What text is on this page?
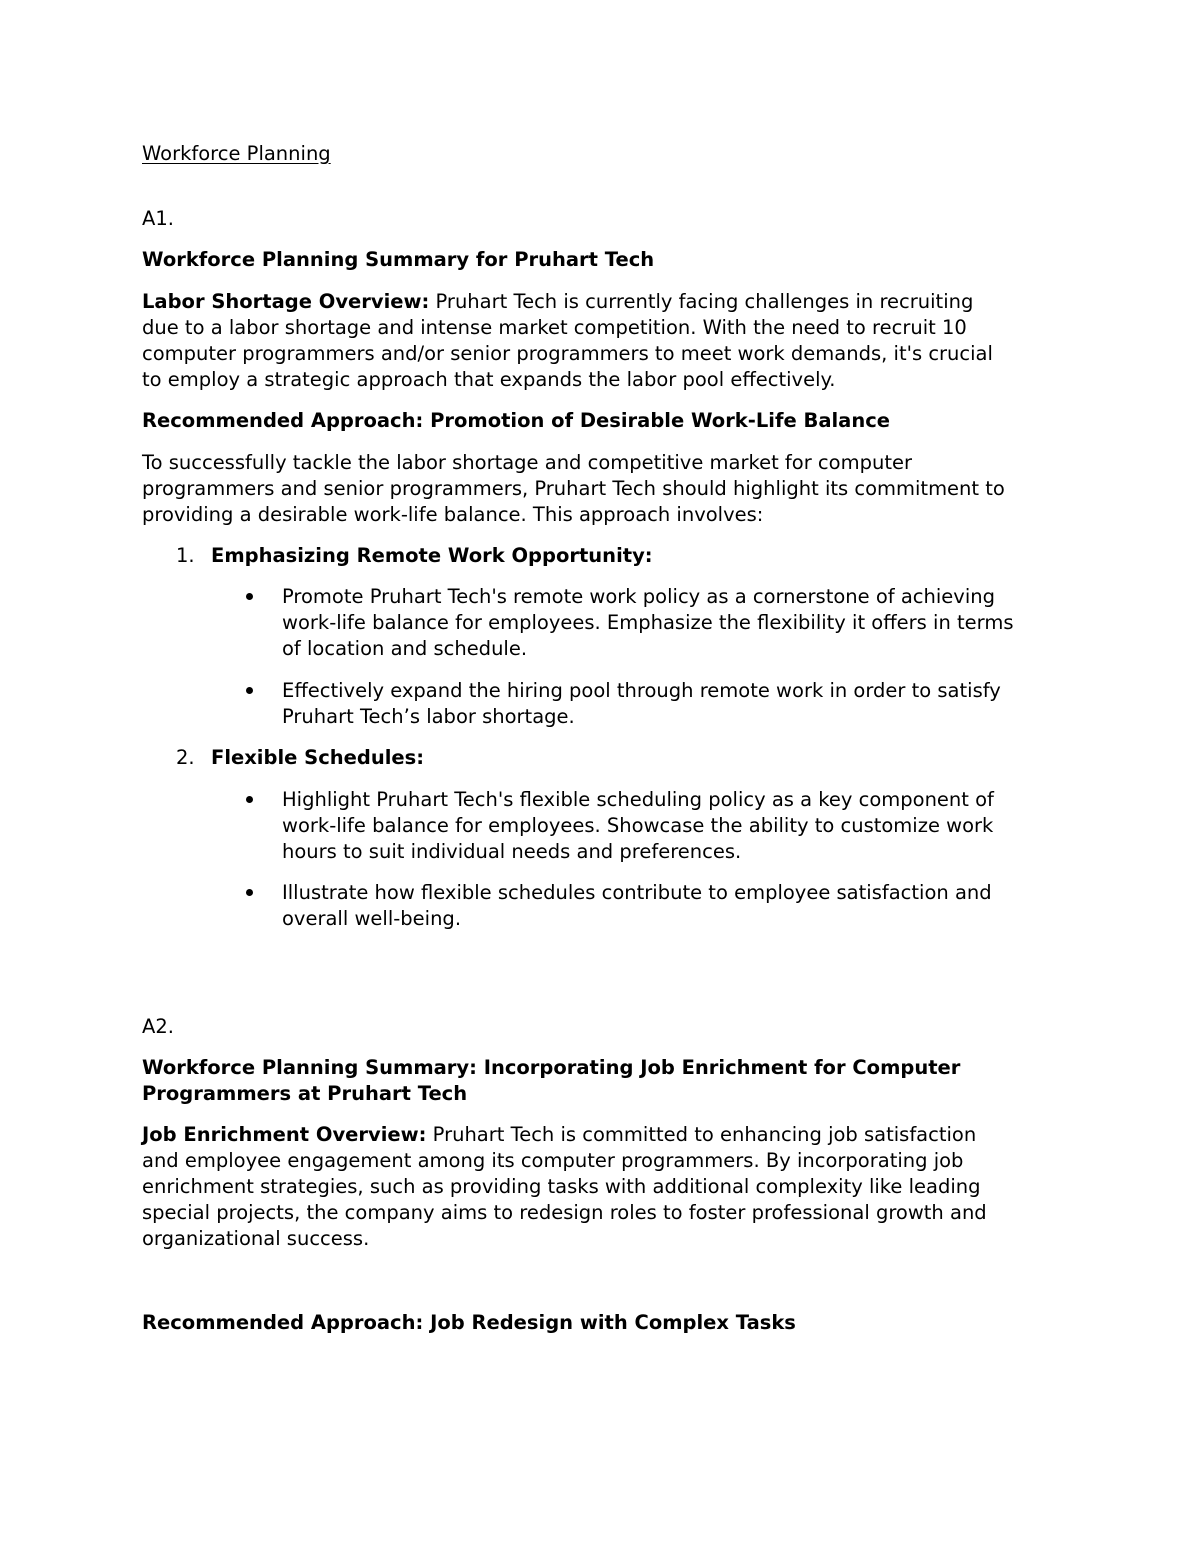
Workforce Planning
A1.
Workforce Planning Summary for Pruhart Tech
Labor Shortage Overview: Pruhart Tech is currently facing challenges in recruiting
due to a labor shortage and intense market competition. With the need to recruit 10
computer programmers and/or senior programmers to meet work demands, it's crucial
to employ a strategic approach that expands the labor pool effectively.
Recommended Approach: Promotion of Desirable Work-Life Balance
To successfully tackle the labor shortage and competitive market for computer
programmers and senior programmers, Pruhart Tech should highlight its commitment to
providing a desirable work-life balance. This approach involves:
1. Emphasizing Remote Work Opportunity:
Promote Pruhart Tech's remote work policy as a cornerstone of achieving
work-life balance for employees. Emphasize the flexibility it offers in terms
of location and schedule.
Effectively expand the hiring pool through remote work in order to satisfy
Pruhart Tech’s labor shortage.
2. Flexible Schedules:
Highlight Pruhart Tech's flexible scheduling policy as a key component of
work-life balance for employees. Showcase the ability to customize work
hours to suit individual needs and preferences.
Illustrate how flexible schedules contribute to employee satisfaction and
overall well-being.
A2.
Workforce Planning Summary: Incorporating Job Enrichment for Computer
Programmers at Pruhart Tech
Job Enrichment Overview: Pruhart Tech is committed to enhancing job satisfaction
and employee engagement among its computer programmers. By incorporating job
enrichment strategies, such as providing tasks with additional complexity like leading
special projects, the company aims to redesign roles to foster professional growth and
organizational success.
Recommended Approach: Job Redesign with Complex Tasks
